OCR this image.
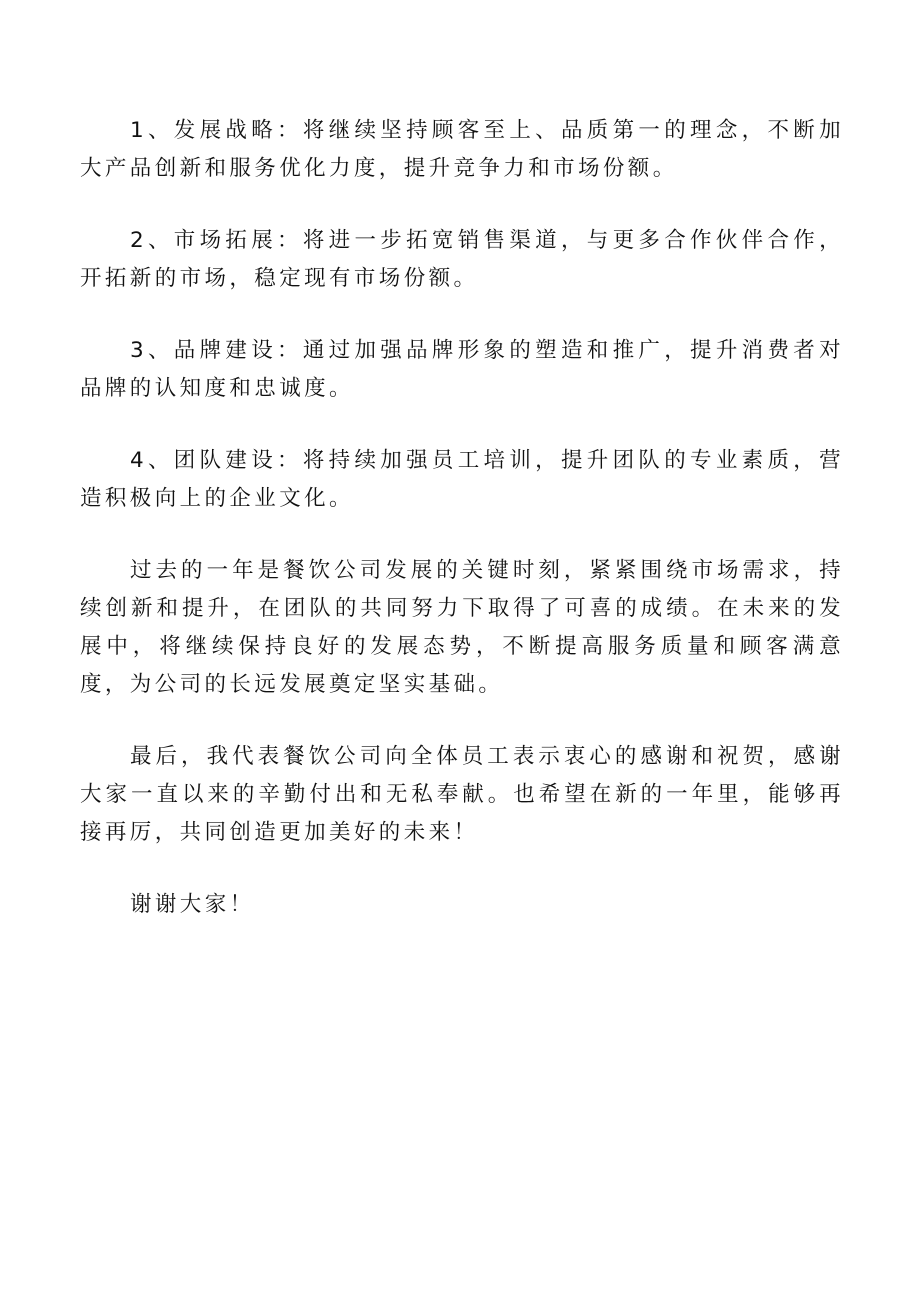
1、发展战略：将继续坚持顾客至上、品质第一的理念，不断加大产品创新和服务优化力度，提升竞争力和市场份额。

2、市场拓展：将进一步拓宽销售渠道，与更多合作伙伴合作，开拓新的市场，稳定现有市场份额。

3、品牌建设：通过加强品牌形象的塑造和推广，提升消费者对品牌的认知度和忠诚度。

4、团队建设：将持续加强员工培训，提升团队的专业素质，营造积极向上的企业文化。

过去的一年是餐饮公司发展的关键时刻，紧紧围绕市场需求，持续创新和提升，在团队的共同努力下取得了可喜的成绩。在未来的发展中，将继续保持良好的发展态势，不断提高服务质量和顾客满意度，为公司的长远发展奠定坚实基础。

最后，我代表餐饮公司向全体员工表示衷心的感谢和祝贺，感谢大家一直以来的辛勤付出和无私奉献。也希望在新的一年里，能够再接再厉，共同创造更加美好的未来！

谢谢大家！
